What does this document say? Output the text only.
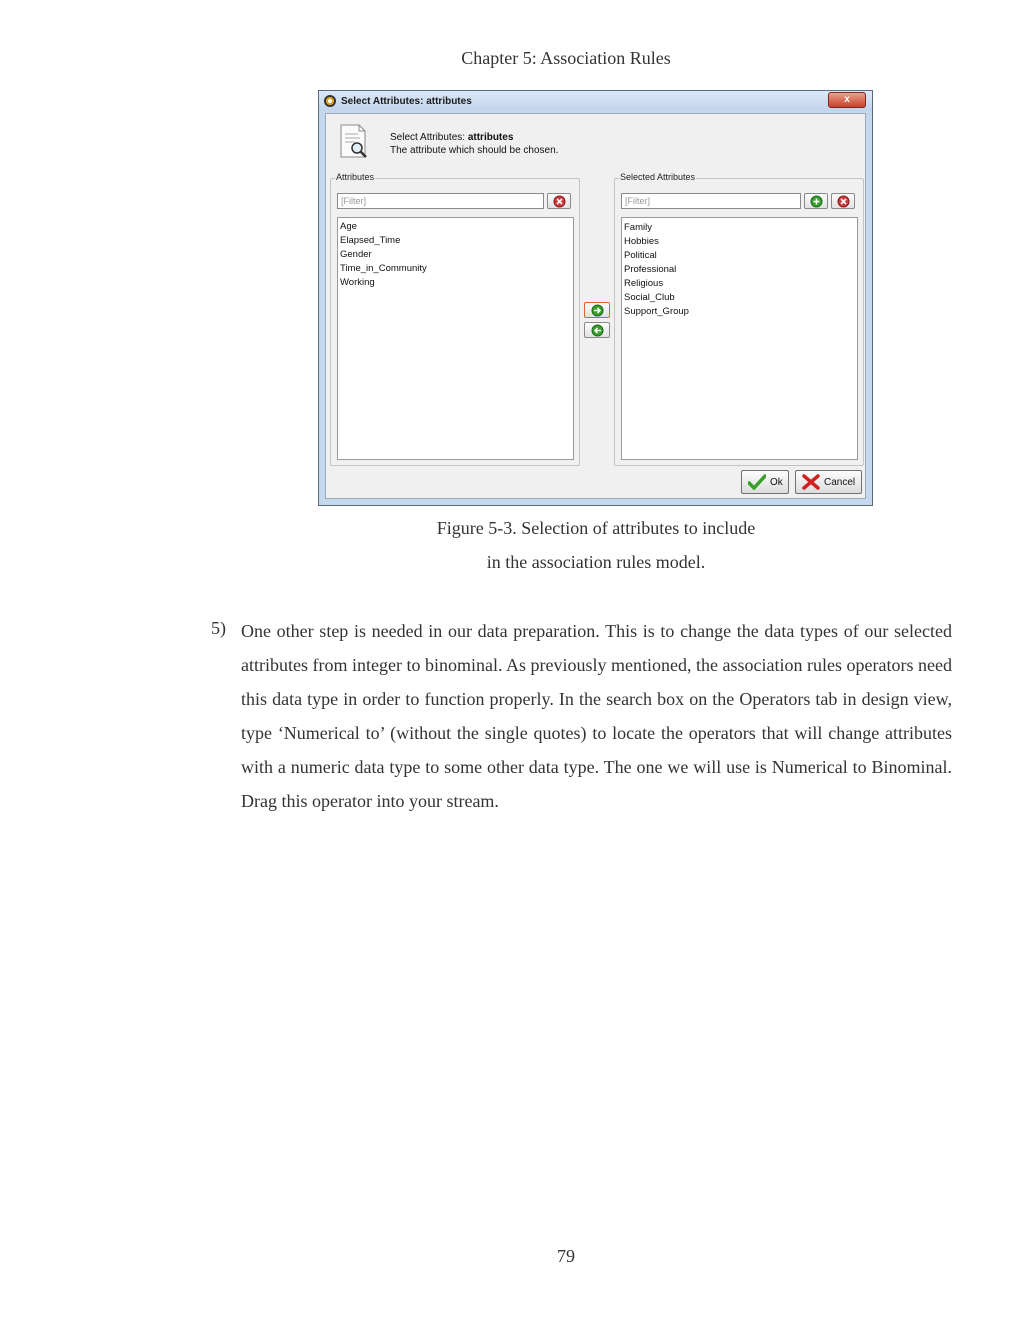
Chapter 5: Association Rules
Select Attributes: attributes	x
Select Attributes: attributes
The attribute which should be chosen.
Attributes
[Filter]
Age
Elapsed_Time
Gender
Time_in_Community
Working
Selected Attributes
[Filter]
Family
Hobbies
Political
Professional
Religious
Social_Club
Support_Group
Ok	Cancel
Figure 5-3. Selection of attributes to include
in the association rules model.
5) One other step is needed in our data preparation. This is to change the data types of our selected attributes from integer to binominal. As previously mentioned, the association rules operators need this data type in order to function properly. In the search box on the Operators tab in design view, type ‘Numerical to’ (without the single quotes) to locate the operators that will change attributes with a numeric data type to some other data type. The one we will use is Numerical to Binominal. Drag this operator into your stream.
79
